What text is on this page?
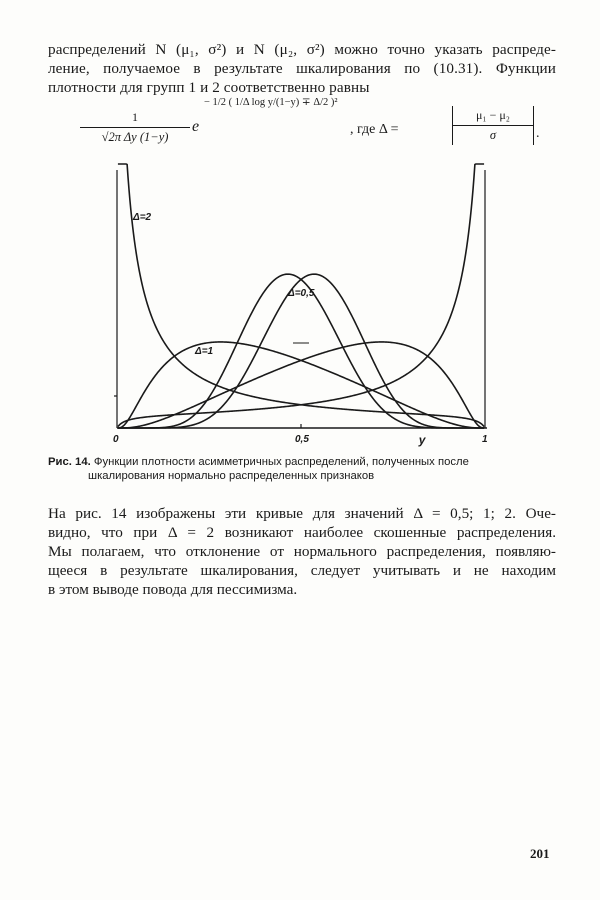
распределений N (μ₁, σ²) и N (μ₂, σ²) можно точно указать распреде-
ление, получаемое в результате шкалирования по (10.31). Функции
плотности для групп 1 и 2 соответственно равны
1
√2π Δy (1−y)
e
− 1/2 ( 1/Δ log y/(1−y) ∓ Δ/2 )²
, где Δ =
μ₁ − μ₂
σ	.
0	0,5	1
y
Δ=2
Δ=0,5
Δ=1
Рис. 14. Функции плотности асимметричных распределений, полученных после
шкалирования нормально распределенных признаков
На рис. 14 изображены эти кривые для значений Δ = 0,5; 1; 2. Оче-
видно, что при Δ = 2 возникают наиболее скошенные распределения.
Мы полагаем, что отклонение от нормального распределения, появляю-
щееся в результате шкалирования, следует учитывать и не находим
в этом выводе повода для пессимизма.
201
